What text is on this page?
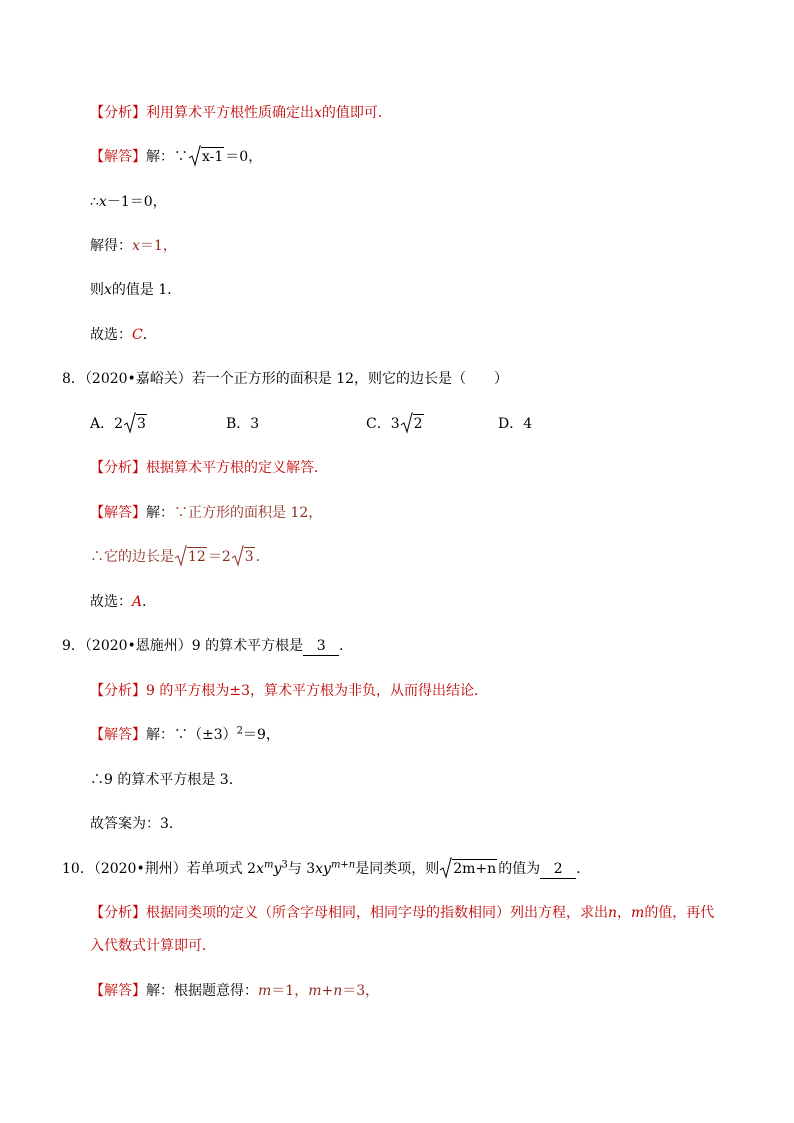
【分析】利用算术平方根性质确定出x的值即可．
【解答】解：∵ x-1 ＝0，
∴x－1＝0，
解得：x＝1，
则x的值是 1．
故选：C．
8．（2020•嘉峪关）若一个正方形的面积是 12，则它的边长是（　　）
A．2 3	B．3	C．3 2	D．4
【分析】根据算术平方根的定义解答．
【解答】解：∵正方形的面积是 12，
∴它的边长是 12 ＝2 3 ．
故选：A．
9．（2020•恩施州）9 的算术平方根是 3 ．
【分析】9 的平方根为±3，算术平方根为非负，从而得出结论．
【解答】解：$\because(\pm 3)^2=9$，
∴9 的算术平方根是 3．
故答案为：3．
10．（2020•荆州）若单项式 $2x^my^3$与 $3xy^{m+n}$是同类项，则 2m+n 的值为 2 ．
【分析】根据同类项的定义（所含字母相同，相同字母的指数相同）列出方程，求出n，m的值，再代
入代数式计算即可．
【解答】解：根据题意得：m＝1，m+n＝3，
